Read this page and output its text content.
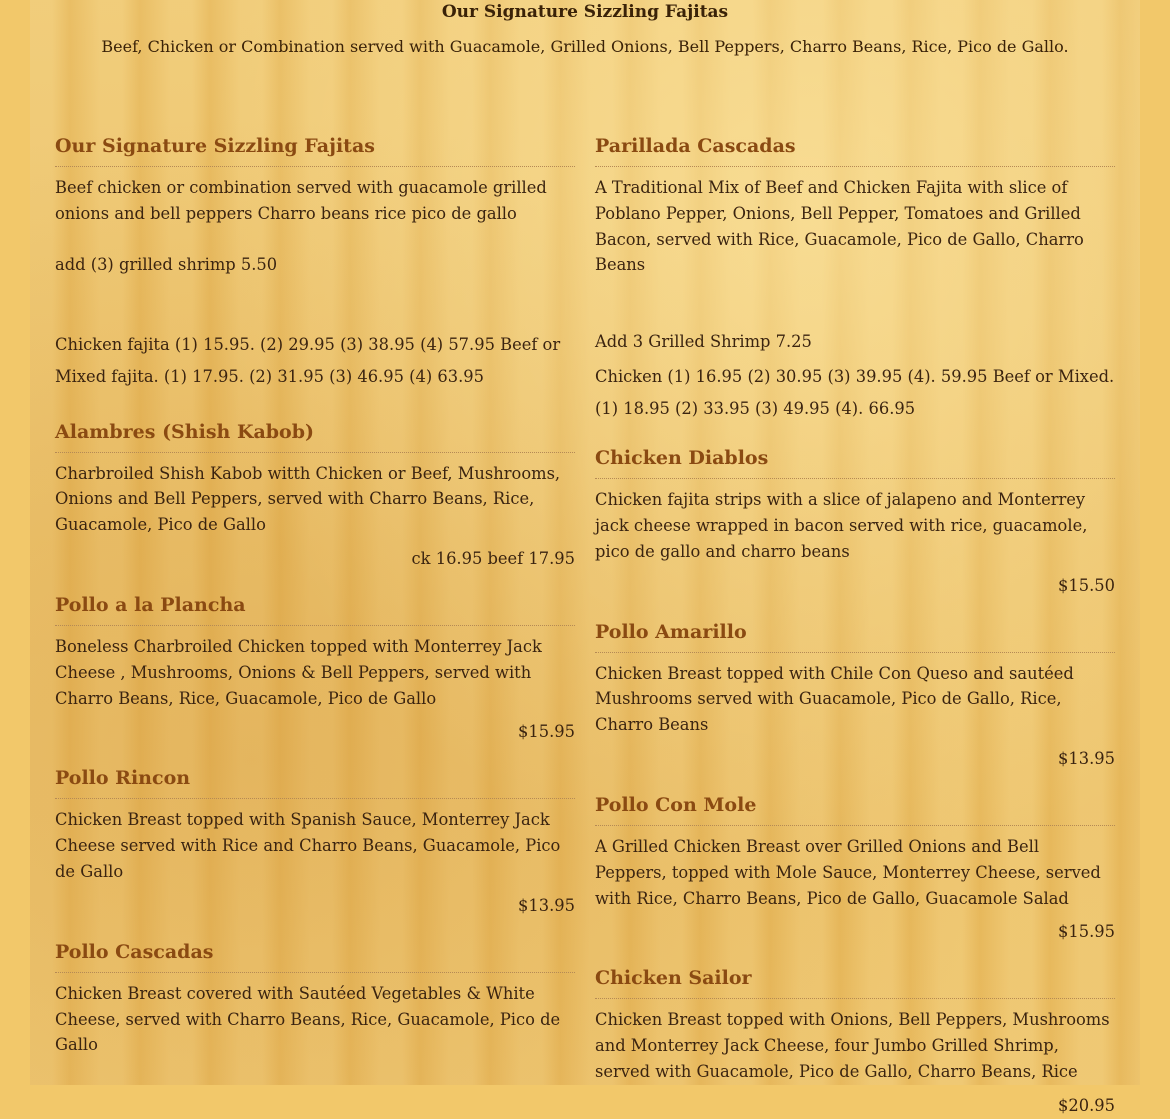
Our Signature Sizzling Fajitas
Beef, Chicken or Combination served with Guacamole, Grilled Onions, Bell Peppers, Charro Beans, Rice, Pico de Gallo.
Our Signature Sizzling Fajitas

Beef chicken or combination served with guacamole grilled onions and bell peppers Charro beans rice pico de gallo

add (3) grilled shrimp 5.50

Chicken fajita (1) 15.95. (2) 29.95 (3) 38.95 (4) 57.95 Beef or Mixed fajita. (1) 17.95. (2) 31.95 (3) 46.95 (4) 63.95

Alambres (Shish Kabob)

Charbroiled Shish Kabob witth Chicken or Beef, Mushrooms, Onions and Bell Peppers, served with Charro Beans, Rice, Guacamole, Pico de Gallo

ck 16.95 beef 17.95

Pollo a la Plancha

Boneless Charbroiled Chicken topped with Monterrey Jack Cheese , Mushrooms, Onions & Bell Peppers, served with Charro Beans, Rice, Guacamole, Pico de Gallo

$15.95

Pollo Rincon

Chicken Breast topped with Spanish Sauce, Monterrey Jack Cheese served with Rice and Charro Beans, Guacamole, Pico de Gallo

$13.95

Pollo Cascadas

Chicken Breast covered with Sautéed Vegetables & White Cheese, served with Charro Beans, Rice, Guacamole, Pico de Gallo

Parillada Cascadas

A Traditional Mix of Beef and Chicken Fajita with slice of Poblano Pepper, Onions, Bell Pepper, Tomatoes and Grilled Bacon, served with Rice, Guacamole, Pico de Gallo, Charro Beans

Add 3 Grilled Shrimp 7.25

Chicken (1) 16.95 (2) 30.95 (3) 39.95 (4). 59.95 Beef or Mixed. (1) 18.95 (2) 33.95 (3) 49.95 (4). 66.95

Chicken Diablos

Chicken fajita strips with a slice of jalapeno and Monterrey jack cheese wrapped in bacon served with rice, guacamole, pico de gallo and charro beans

$15.50

Pollo Amarillo

Chicken Breast topped with Chile Con Queso and sautéed Mushrooms served with Guacamole, Pico de Gallo, Rice, Charro Beans

$13.95

Pollo Con Mole

A Grilled Chicken Breast over Grilled Onions and Bell Peppers, topped with Mole Sauce, Monterrey Cheese, served with Rice, Charro Beans, Pico de Gallo, Guacamole Salad

$15.95

Chicken Sailor

Chicken Breast topped with Onions, Bell Peppers, Mushrooms and Monterrey Jack Cheese, four Jumbo Grilled Shrimp, served with Guacamole, Pico de Gallo, Charro Beans, Rice

$20.95
